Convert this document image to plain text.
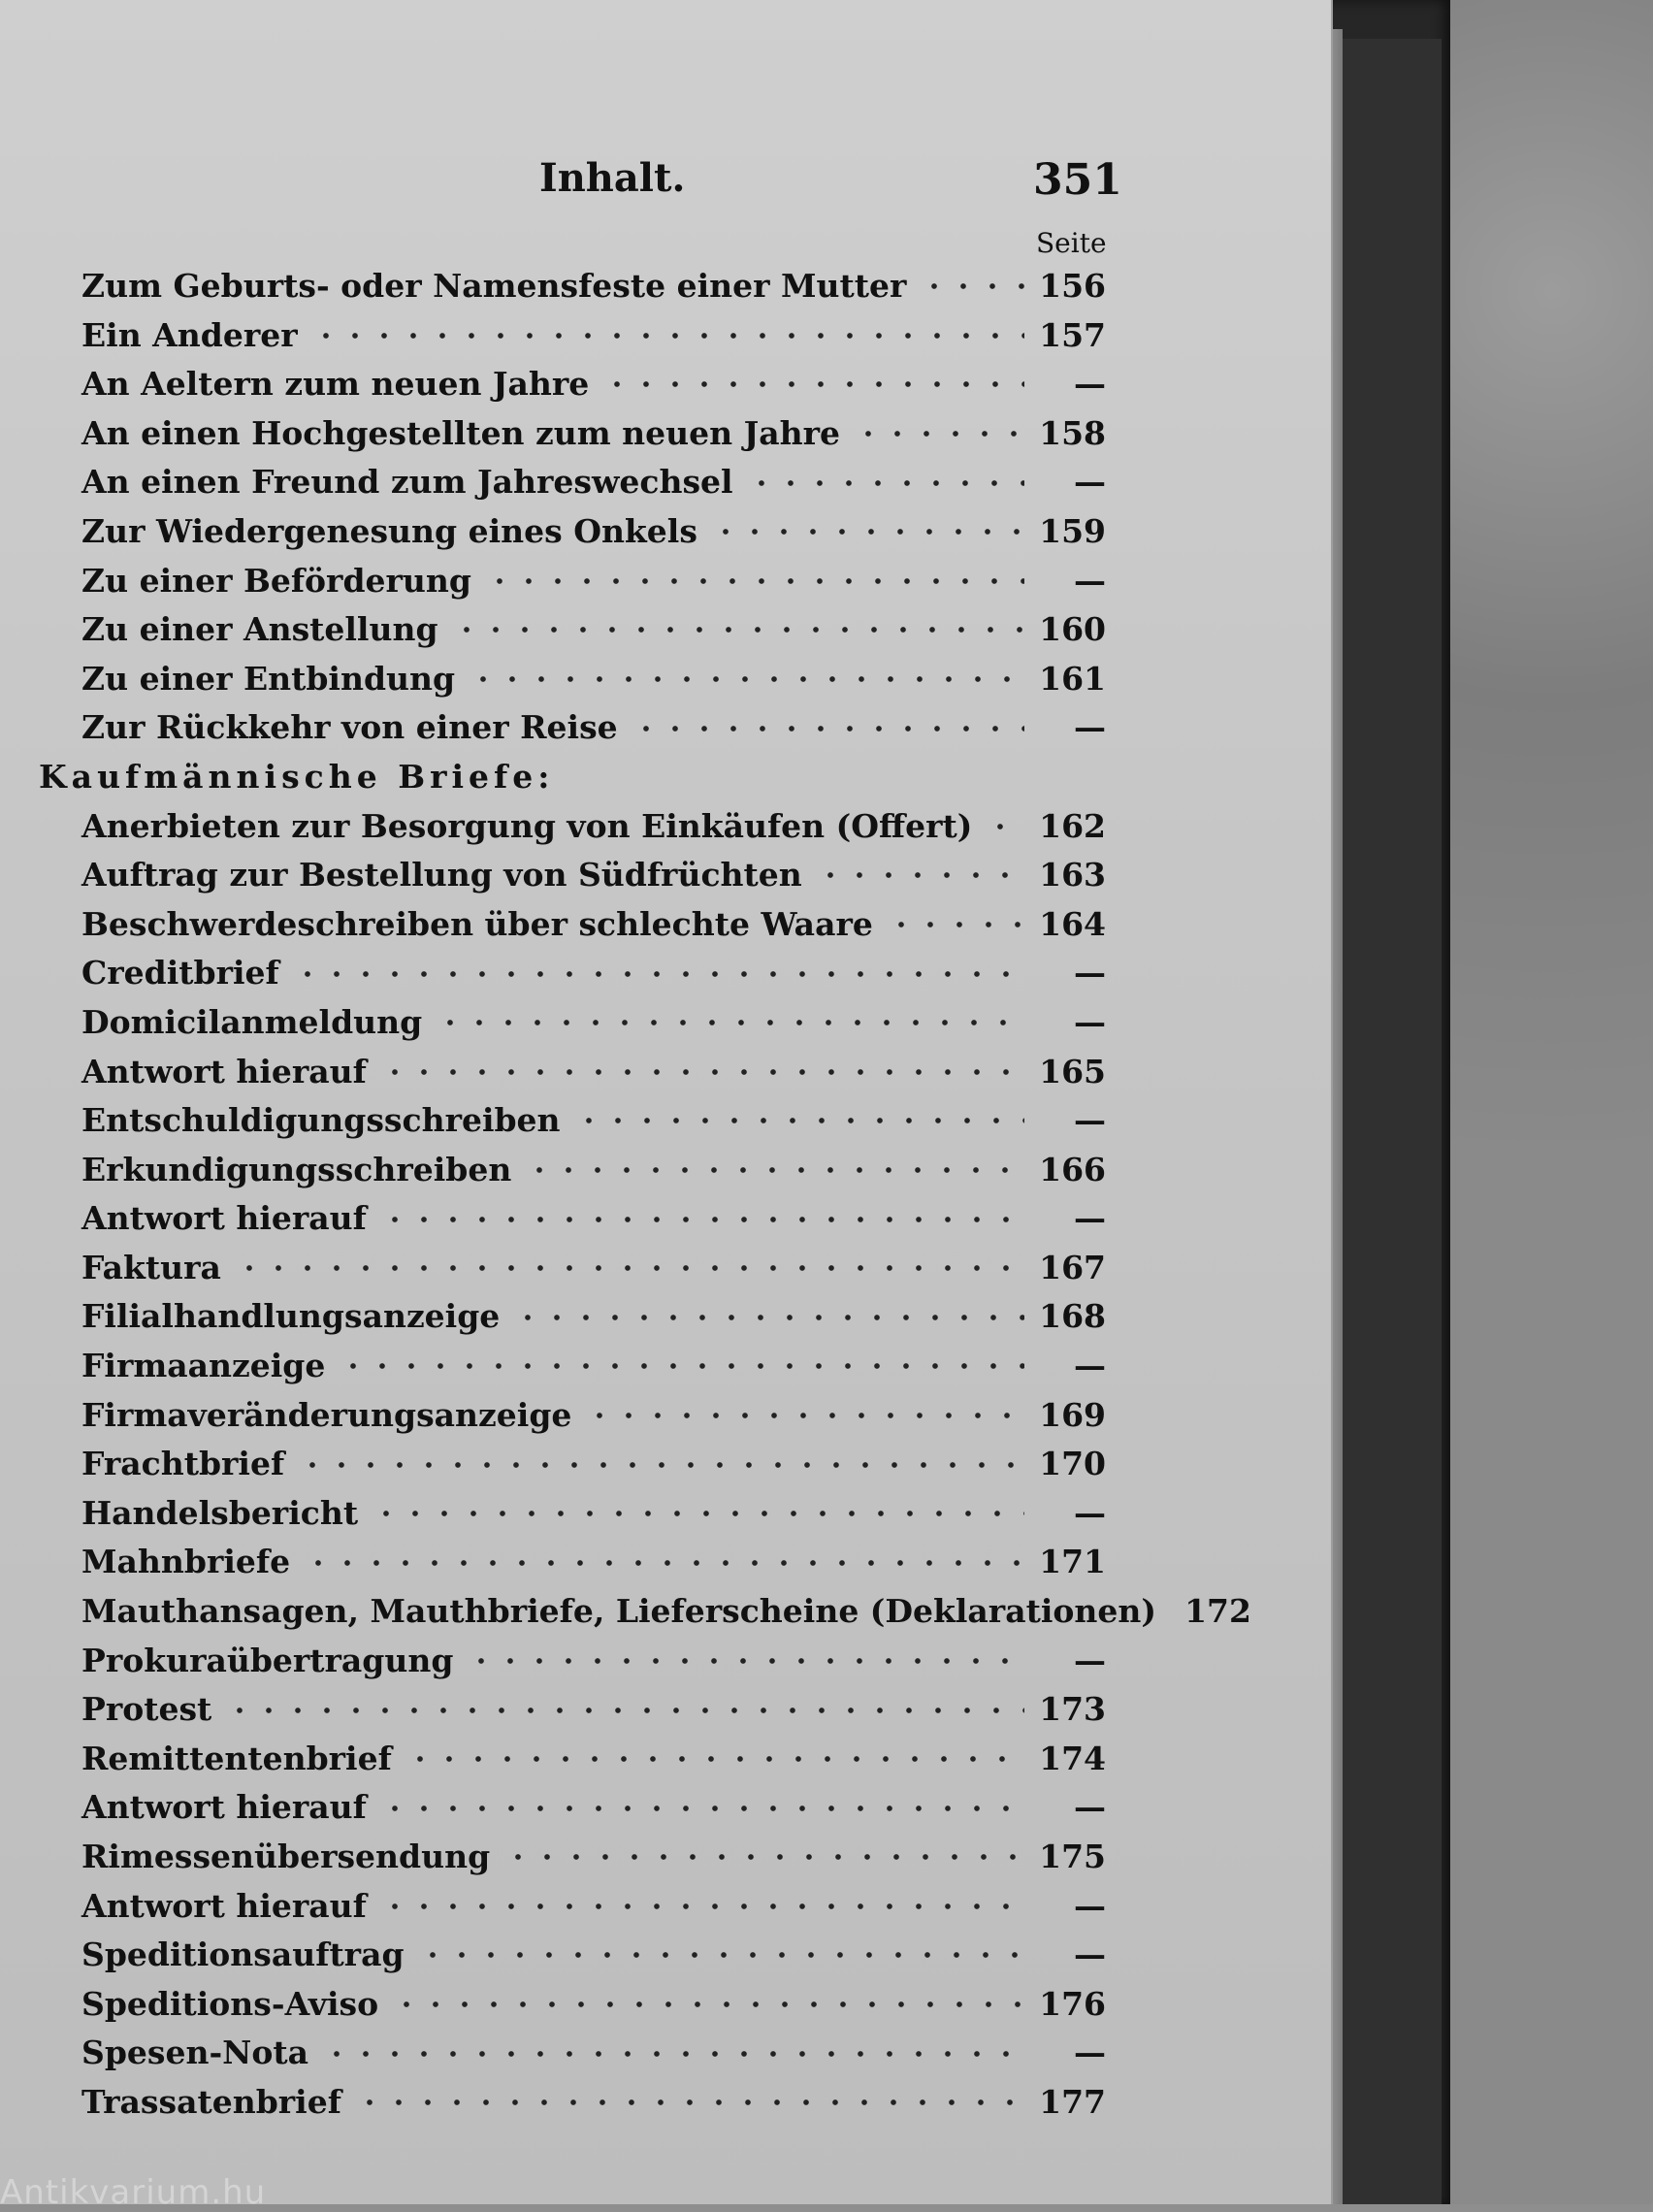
Inhalt.	351
Seite
Zum Geburts- oder Namensfeste einer Mutter	156
Ein Anderer	157
An Aeltern zum neuen Jahre	—
An einen Hochgestellten zum neuen Jahre	158
An einen Freund zum Jahreswechsel	—
Zur Wiedergenesung eines Onkels	159
Zu einer Beförderung	—
Zu einer Anstellung	160
Zu einer Entbindung	161
Zur Rückkehr von einer Reise	—
Kaufmännische Briefe:
Anerbieten zur Besorgung von Einkäufen (Offert) 162
Auftrag zur Bestellung von Südfrüchten	163
Beschwerdeschreiben über schlechte Waare	164
Creditbrief	—
Domicilanmeldung	—
Antwort hierauf	165
Entschuldigungsschreiben	—
Erkundigungsschreiben	166
Antwort hierauf	—
Faktura	167
Filialhandlungsanzeige	168
Firmaanzeige	—
Firmaveränderungsanzeige	169
Frachtbrief	170
Handelsbericht	—
Mahnbriefe	171
Mauthansagen, Mauthbriefe, Lieferscheine (Deklarationen) 172
Prokuraübertragung	—
Protest	173
Remittentenbrief	174
Antwort hierauf	—
Rimessenübersendung	175
Antwort hierauf	—
Speditionsauftrag	—
Speditions-Aviso	176
Spesen-Nota	—
Trassatenbrief	177
Antikvarium.hu
